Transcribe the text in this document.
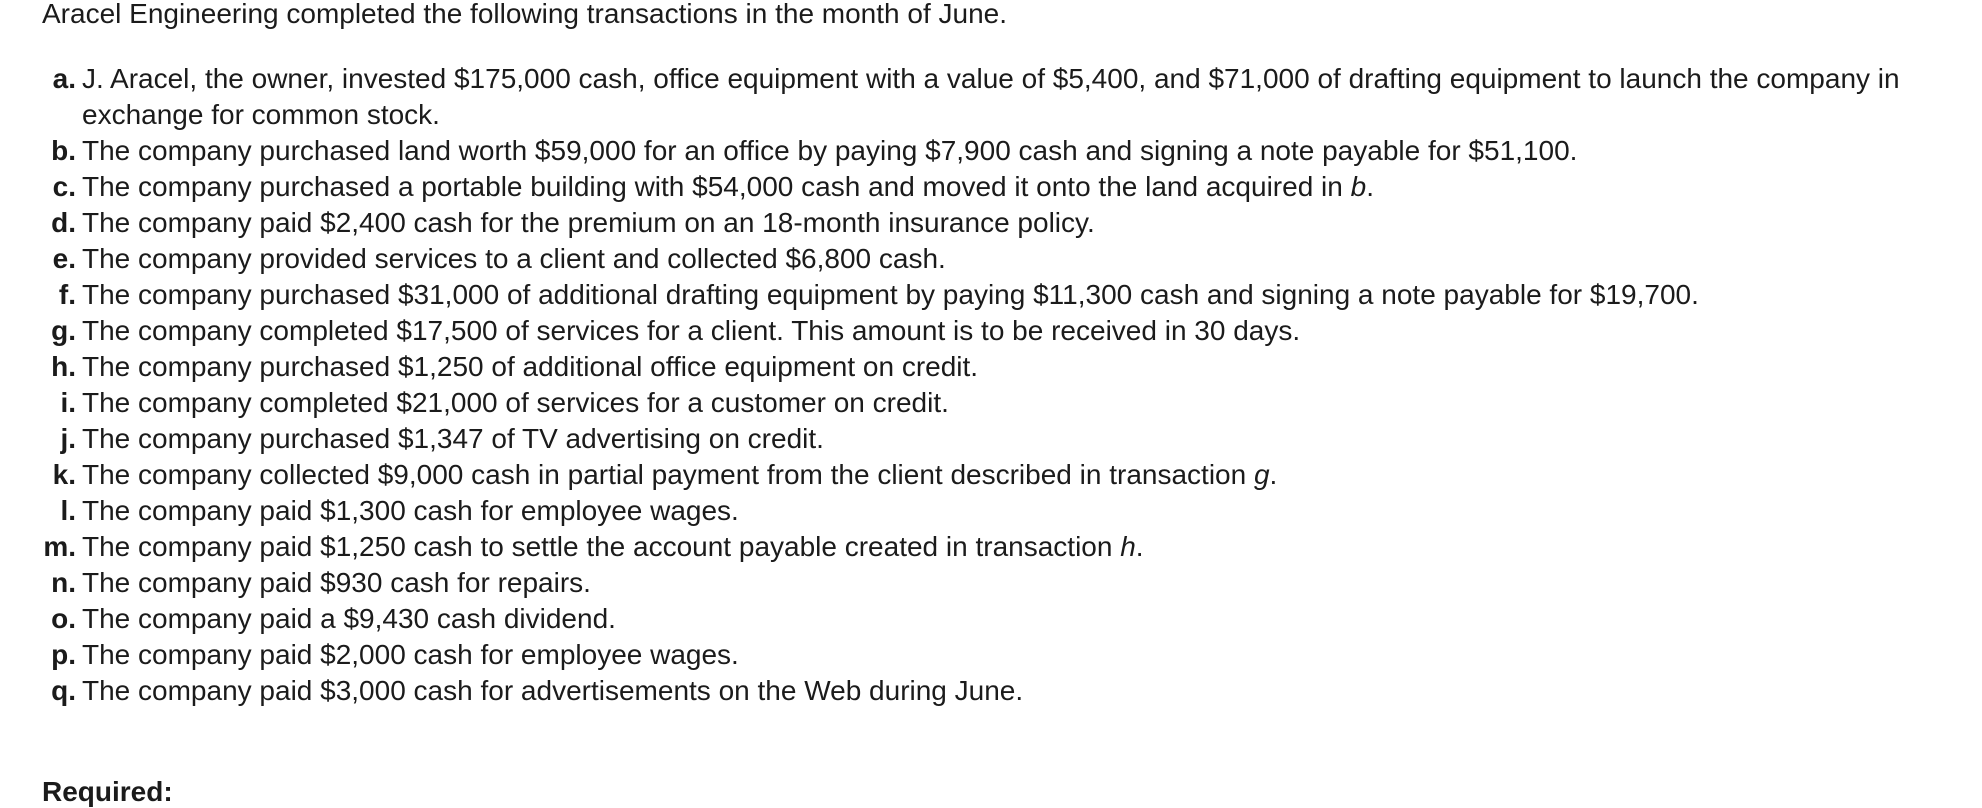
Aracel Engineering completed the following transactions in the month of June.
a. J. Aracel, the owner, invested $175,000 cash, office equipment with a value of $5,400, and $71,000 of drafting equipment to launch the company in exchange for common stock.
b. The company purchased land worth $59,000 for an office by paying $7,900 cash and signing a note payable for $51,100.
c. The company purchased a portable building with $54,000 cash and moved it onto the land acquired in b.
d. The company paid $2,400 cash for the premium on an 18-month insurance policy.
e. The company provided services to a client and collected $6,800 cash.
f. The company purchased $31,000 of additional drafting equipment by paying $11,300 cash and signing a note payable for $19,700.
g. The company completed $17,500 of services for a client. This amount is to be received in 30 days.
h. The company purchased $1,250 of additional office equipment on credit.
i. The company completed $21,000 of services for a customer on credit.
j. The company purchased $1,347 of TV advertising on credit.
k. The company collected $9,000 cash in partial payment from the client described in transaction g.
l. The company paid $1,300 cash for employee wages.
m. The company paid $1,250 cash to settle the account payable created in transaction h.
n. The company paid $930 cash for repairs.
o. The company paid a $9,430 cash dividend.
p. The company paid $2,000 cash for employee wages.
q. The company paid $3,000 cash for advertisements on the Web during June.
Required:
